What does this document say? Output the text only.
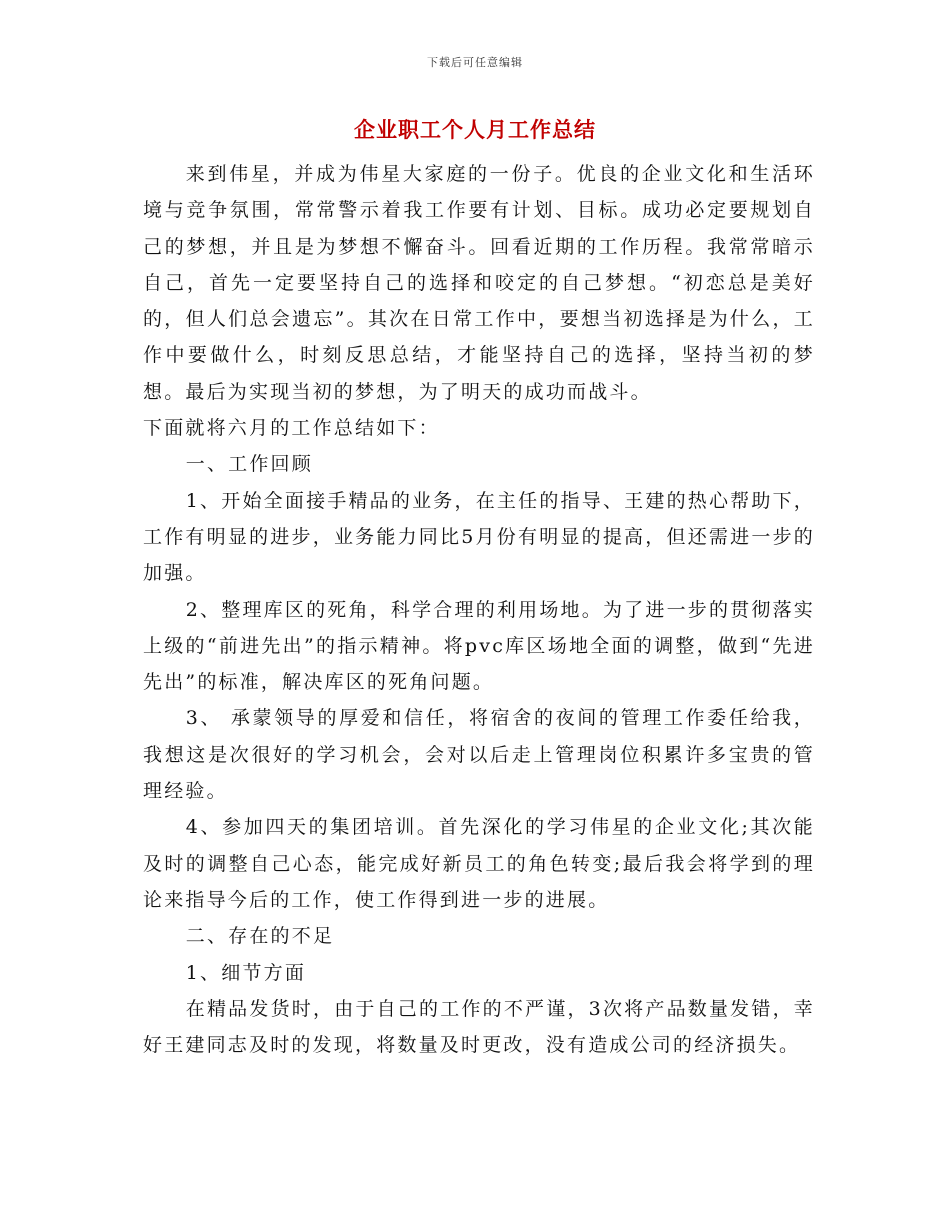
下载后可任意编辑
企业职工个人月工作总结

来到伟星，并成为伟星大家庭的一份子。优良的企业文化和生活环境与竞争氛围，常常警示着我工作要有计划、目标。成功必定要规划自己的梦想，并且是为梦想不懈奋斗。回看近期的工作历程。我常常暗示自己，首先一定要坚持自己的选择和咬定的自己梦想。“初恋总是美好的，但人们总会遗忘”。其次在日常工作中，要想当初选择是为什么，工作中要做什么，时刻反思总结，才能坚持自己的选择，坚持当初的梦想。最后为实现当初的梦想，为了明天的成功而战斗。

下面就将六月的工作总结如下：

一、工作回顾

1、开始全面接手精品的业务，在主任的指导、王建的热心帮助下，工作有明显的进步，业务能力同比5月份有明显的提高，但还需进一步的加强。

2、整理库区的死角，科学合理的利用场地。为了进一步的贯彻落实上级的“前进先出”的指示精神。将pvc库区场地全面的调整，做到“先进先出”的标准，解决库区的死角问题。

3、 承蒙领导的厚爱和信任，将宿舍的夜间的管理工作委任给我，我想这是次很好的学习机会，会对以后走上管理岗位积累许多宝贵的管理经验。

4、参加四天的集团培训。首先深化的学习伟星的企业文化;其次能及时的调整自己心态，能完成好新员工的角色转变;最后我会将学到的理论来指导今后的工作，使工作得到进一步的进展。

二、存在的不足

1、细节方面

在精品发货时，由于自己的工作的不严谨，3次将产品数量发错，幸好王建同志及时的发现，将数量及时更改，没有造成公司的经济损失。
